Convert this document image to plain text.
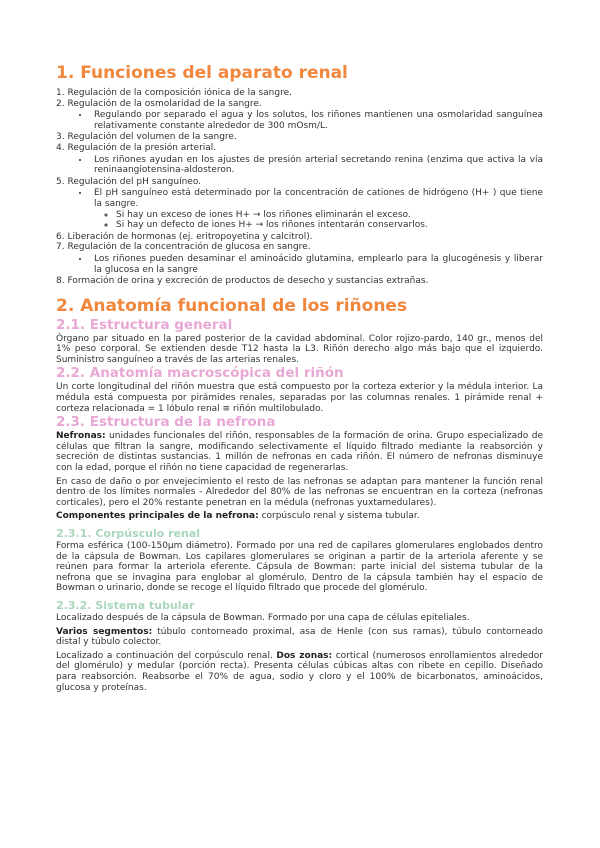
1. Funciones del aparato renal
1. Regulación de la composición iónica de la sangre.
2. Regulación de la osmolaridad de la sangre.
• Regulando por separado el agua y los solutos, los riñones mantienen una osmolaridad sanguínea relativamente constante alrededor de 300 mOsm/L.
3. Regulación del volumen de la sangre.
4. Regulación de la presión arterial.
• Los riñones ayudan en los ajustes de presión arterial secretando renina (enzima que activa la vía reninaangiotensina-aldosteron.
5. Regulación del pH sanguíneo.
• El pH sanguíneo está determinado por la concentración de cationes de hidrógeno (H+ ) que tiene la sangre.
◦ Si hay un exceso de iones H+ → los riñones eliminarán el exceso.
◦ Si hay un defecto de iones H+ → los riñones intentarán conservarlos.
6. Liberación de hormonas (ej. eritropoyetina y calcitrol).
7. Regulación de la concentración de glucosa en sangre.
• Los riñones pueden desaminar el aminoácido glutamina, emplearlo para la glucogénesis y liberar la glucosa en la sangre
8. Formación de orina y excreción de productos de desecho y sustancias extrañas.
2. Anatomía funcional de los riñones
2.1. Estructura general

Órgano par situado en la pared posterior de la cavidad abdominal. Color rojizo-pardo, 140 gr., menos del 1% peso corporal. Se extienden desde T12 hasta la L3. Riñón derecho algo más bajo que el izquierdo. Suministro sanguíneo a través de las arterias renales.

2.2. Anatomía macroscópica del riñón

Un corte longitudinal del riñón muestra que está compuesto por la corteza exterior y la médula interior. La médula está compuesta por pirámides renales, separadas por las columnas renales. 1 pirámide renal + corteza relacionada = 1 lóbulo renal ≡ riñón multilobulado.

2.3. Estructura de la nefrona

Nefronas: unidades funcionales del riñón, responsables de la formación de orina. Grupo especializado de células que filtran la sangre, modificando selectivamente el líquido filtrado mediante la reabsorción y secreción de distintas sustancias. 1 millón de nefronas en cada riñón. El número de nefronas disminuye con la edad, porque el riñón no tiene capacidad de regenerarlas.

En caso de daño o por envejecimiento el resto de las nefronas se adaptan para mantener la función renal dentro de los límites normales - Alrededor del 80% de las nefronas se encuentran en la corteza (nefronas corticales), pero el 20% restante penetran en la médula (nefronas yuxtamedulares).

Componentes principales de la nefrona: corpúsculo renal y sistema tubular.

2.3.1. Corpúsculo renal

Forma esférica (100-150μm diámetro). Formado por una red de capilares glomerulares englobados dentro de la cápsula de Bowman. Los capilares glomerulares se originan a partir de la arteriola aferente y se reúnen para formar la arteriola eferente. Cápsula de Bowman: parte inicial del sistema tubular de la nefrona que se invagina para englobar al glomérulo. Dentro de la cápsula también hay el espacio de Bowman o urinario, donde se recoge el líquido filtrado que procede del glomérulo.

2.3.2. Sistema tubular

Localizado después de la cápsula de Bowman. Formado por una capa de células epiteliales.

Varios segmentos: túbulo contorneado proximal, asa de Henle (con sus ramas), túbulo contorneado distal y túbulo colector.

Localizado a continuación del corpúsculo renal. Dos zonas: cortical (numerosos enrollamientos alrededor del glomérulo) y medular (porción recta). Presenta células cúbicas altas con ribete en cepillo. Diseñado para reabsorción. Reabsorbe el 70% de agua, sodio y cloro y el 100% de bicarbonatos, aminoácidos, glucosa y proteínas.
